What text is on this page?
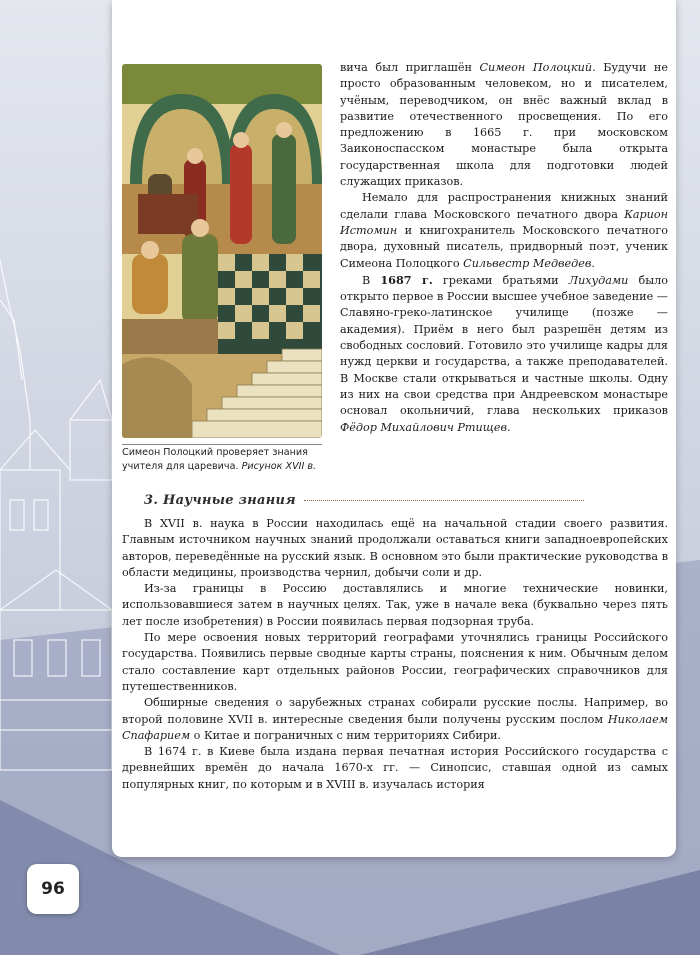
Симеон Полоцкий проверяет знания учителя для царевича. Рисунок XVII в.

вича был приглашён Симеон Полоцкий. Будучи не просто образованным человеком, но и писателем, учёным, переводчиком, он внёс важный вклад в развитие отечественного просвещения. По его предложению в 1665 г. при московском Заиконоспасском монастыре была открыта государственная школа для подготовки людей служащих приказов.

Немало для распространения книжных знаний сделали глава Московского печатного двора Карион Истомин и книгохранитель Московского печатного двора, духовный писатель, придворный поэт, ученик Симеона Полоцкого Сильвестр Медведев.

В 1687 г. греками братьями Лихудами было открыто первое в России высшее учебное заведение — Славяно-греко-латинское училище (позже — академия). Приём в него был разрешён детям из свободных сословий. Готовило это училище кадры для нужд церкви и государства, а также преподавателей. В Москве стали открываться и частные школы. Одну из них на свои средства при Андреевском монастыре основал окольничий, глава нескольких приказов Фёдор Михайлович Ртищев.

3. Научные знания

В XVII в. наука в России находилась ещё на начальной стадии своего развития. Главным источником научных знаний продолжали оставаться книги западноевропейских авторов, переведённые на русский язык. В основном это были практические руководства в области медицины, производства чернил, добычи соли и др.

Из-за границы в Россию доставлялись и многие технические новинки, использовавшиеся затем в научных целях. Так, уже в начале века (буквально через пять лет после изобретения) в России появилась первая подзорная труба.

По мере освоения новых территорий географами уточнялись границы Российского государства. Появились первые сводные карты страны, пояснения к ним. Обычным делом стало составление карт отдельных районов России, географических справочников для путешественников.

Обширные сведения о зарубежных странах собирали русские послы. Например, во второй половине XVII в. интересные сведения были получены русским послом Николаем Спафарием о Китае и пограничных с ним территориях Сибири.

В 1674 г. в Киеве была издана первая печатная история Российского государства с древнейших времён до начала 1670-х гг. — Синопсис, ставшая одной из самых популярных книг, по которым и в XVIII в. изучалась история

96
